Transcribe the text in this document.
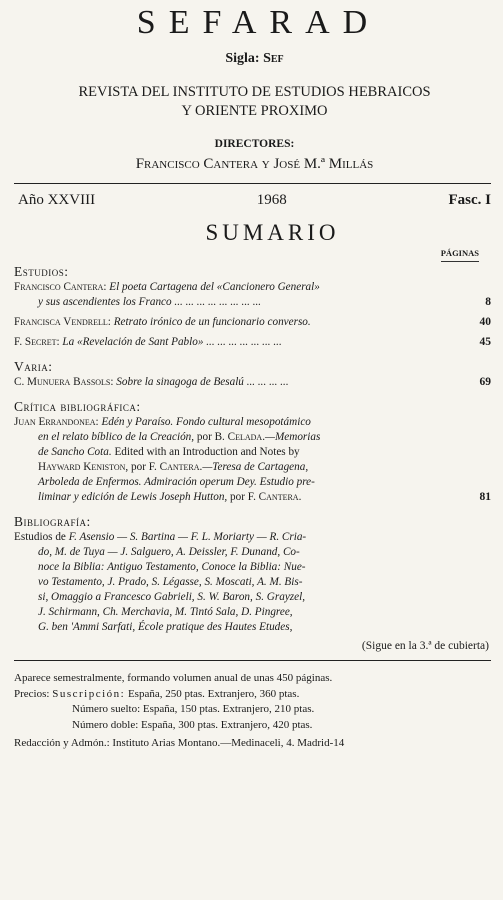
SEFARAD
Sigla: Sef
REVISTA DEL INSTITUTO DE ESTUDIOS HEBRAICOS
Y ORIENTE PROXIMO
DIRECTORES:
Francisco Cantera y José M.ª Millás
Año XXVIII	1968	Fasc. I
SUMARIO
PÁGINAS
Estudios:
Francisco Cantera: El poeta Cartagena del «Cancionero General»
y sus ascendientes los Franco ... ... ... ... ... ... ... ...	8
Francisca Vendrell: Retrato irónico de un funcionario converso.	40
F. Secret: La «Revelación de Sant Pablo» ... ... ... ... ... ... ...	45
Varia:
C. Munuera Bassols: Sobre la sinagoga de Besalú ... ... ... ...	69
Crítica bibliográfica:
Juan Errandonea: Edén y Paraíso. Fondo cultural mesopotámico
en el relato bíblico de la Creación, por B. Celada.—Memorias
de Sancho Cota. Edited with an Introduction and Notes by
Hayward Keniston, por F. Cantera.—Teresa de Cartagena,
Arboleda de Enfermos. Admiración operum Dey. Estudio pre-
liminar y edición de Lewis Joseph Hutton, por F. Cantera.	81
Bibliografía:
Estudios de F. Asensio — S. Bartina — F. L. Moriarty — R. Cria-
do, M. de Tuya — J. Salguero, A. Deissler, F. Dunand, Co-
noce la Biblia: Antiguo Testamento, Conoce la Biblia: Nue-
vo Testamento, J. Prado, S. Légasse, S. Moscati, A. M. Bis-
si, Omaggio a Francesco Gabrieli, S. W. Baron, S. Grayzel,
J. Schirmann, Ch. Merchavia, M. Tintó Sala, D. Pingree,
G. ben 'Ammi Sarfati, École pratique des Hautes Etudes,
(Sigue en la 3.ª de cubierta)
Aparece semestralmente, formando volumen anual de unas 450 páginas.
Precios: Suscripción: España, 250 ptas. Extranjero, 360 ptas.
Número suelto: España, 150 ptas. Extranjero, 210 ptas.
Número doble: España, 300 ptas. Extranjero, 420 ptas.
Redacción y Admón.: Instituto Arias Montano.—Medinaceli, 4. Madrid-14
